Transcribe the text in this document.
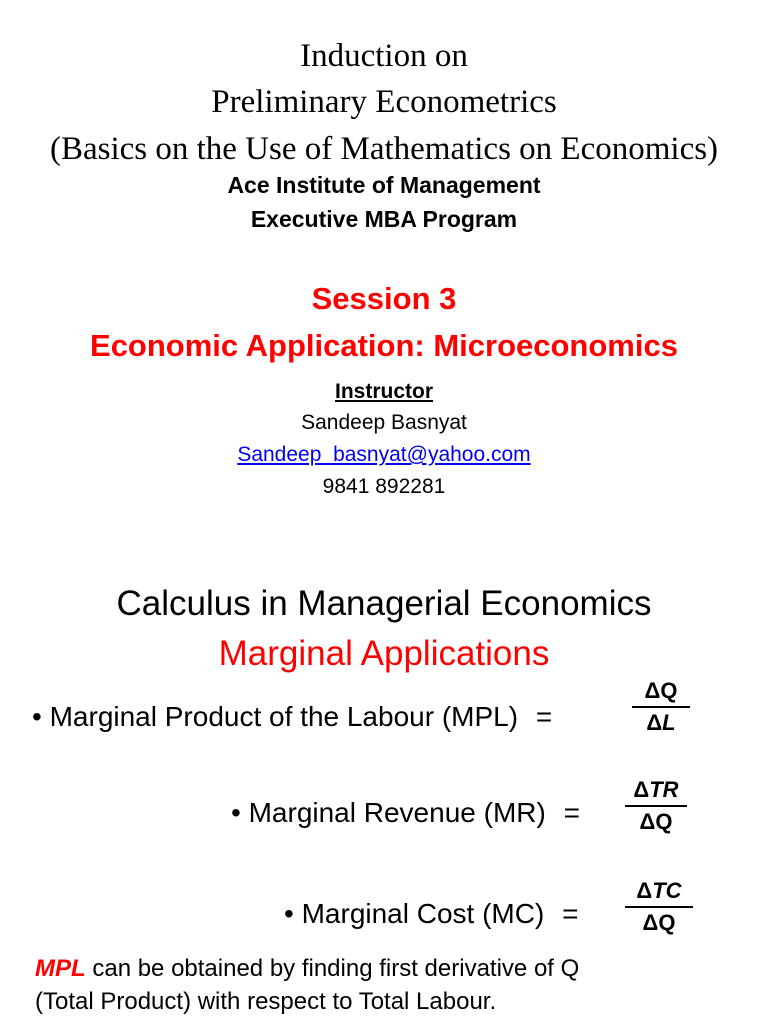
Induction on
Preliminary Econometrics
(Basics on the Use of Mathematics on Economics)
Ace Institute of Management
Executive MBA Program
Session 3
Economic Application: Microeconomics
Instructor
Sandeep Basnyat
Sandeep_basnyat@yahoo.com
9841 892281
Calculus in Managerial Economics
Marginal Applications
• Marginal Product of the Labour (MPL) =
ΔQ
ΔL
• Marginal Revenue (MR) =
ΔTR
ΔQ
• Marginal Cost (MC) =
ΔTC
ΔQ
MPL can be obtained by finding first derivative of Q
(Total Product) with respect to Total Labour.
